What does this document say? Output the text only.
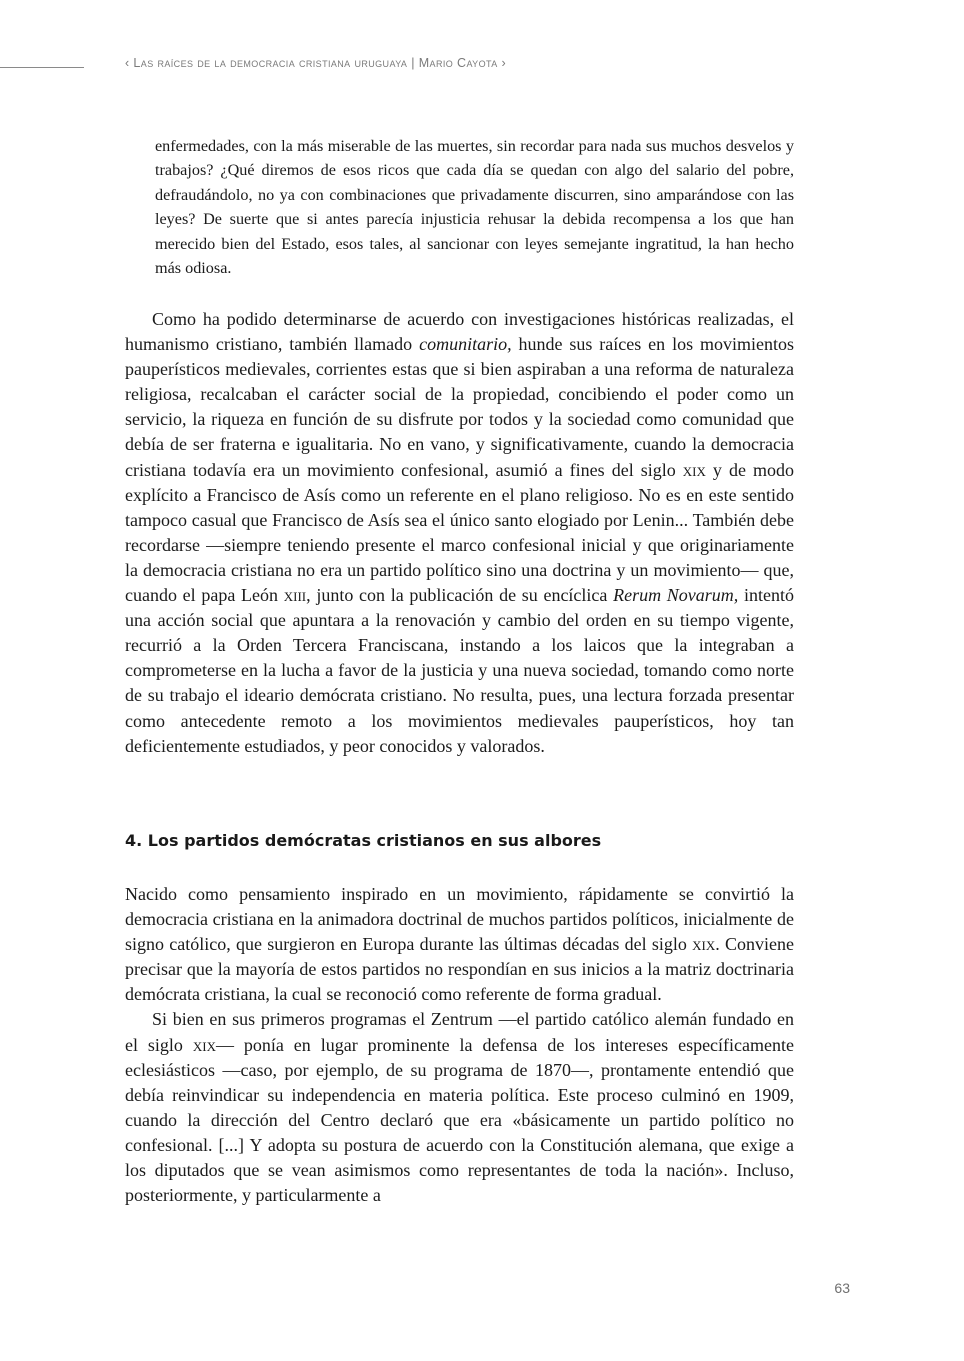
‹ Las raíces de la democracia cristiana uruguaya | Mario Cayota ›
enfermedades, con la más miserable de las muertes, sin recordar para nada sus muchos desvelos y trabajos? ¿Qué diremos de esos ricos que cada día se quedan con algo del salario del pobre, defraudándolo, no ya con combinaciones que privadamente discurren, sino amparándose con las leyes? De suerte que si antes parecía injusticia rehusar la debida recompensa a los que han merecido bien del Estado, esos tales, al sancionar con leyes semejante ingratitud, la han hecho más odiosa.

Como ha podido determinarse de acuerdo con investigaciones históricas realizadas, el humanismo cristiano, también llamado comunitario, hunde sus raíces en los movimientos pauperísticos medievales, corrientes estas que si bien aspiraban a una reforma de naturaleza religiosa, recalcaban el carácter social de la propiedad, concibiendo el poder como un servicio, la riqueza en función de su disfrute por todos y la sociedad como comunidad que debía de ser fraterna e igualitaria. No en vano, y significativamente, cuando la democracia cristiana todavía era un movimiento confesional, asumió a fines del siglo xix y de modo explícito a Francisco de Asís como un referente en el plano religioso. No es en este sentido tampoco casual que Francisco de Asís sea el único santo elogiado por Lenin... También debe recordarse —siempre teniendo presente el marco confesional inicial y que originariamente la democracia cristiana no era un partido político sino una doctrina y un movimiento— que, cuando el papa León xiii, junto con la publicación de su encíclica Rerum Novarum, intentó una acción social que apuntara a la renovación y cambio del orden en su tiempo vigente, recurrió a la Orden Tercera Franciscana, instando a los laicos que la integraban a comprometerse en la lucha a favor de la justicia y una nueva sociedad, tomando como norte de su trabajo el ideario demócrata cristiano. No resulta, pues, una lectura forzada presentar como antecedente remoto a los movimientos medievales pauperísticos, hoy tan deficientemente estudiados, y peor conocidos y valorados.

4. Los partidos demócratas cristianos en sus albores

Nacido como pensamiento inspirado en un movimiento, rápidamente se convirtió la democracia cristiana en la animadora doctrinal de muchos partidos políticos, inicialmente de signo católico, que surgieron en Europa durante las últimas décadas del siglo xix. Conviene precisar que la mayoría de estos partidos no respondían en sus inicios a la matriz doctrinaria demócrata cristiana, la cual se reconoció como referente de forma gradual.

Si bien en sus primeros programas el Zentrum —el partido católico alemán fundado en el siglo xix— ponía en lugar prominente la defensa de los intereses específicamente eclesiásticos —caso, por ejemplo, de su programa de 1870—, prontamente entendió que debía reinvindicar su independencia en materia política. Este proceso culminó en 1909, cuando la dirección del Centro declaró que era «básicamente un partido político no confesional. [...] Y adopta su postura de acuerdo con la Constitución alemana, que exige a los diputados que se vean asimismos como representantes de toda la nación». Incluso, posteriormente, y particularmente a

63
